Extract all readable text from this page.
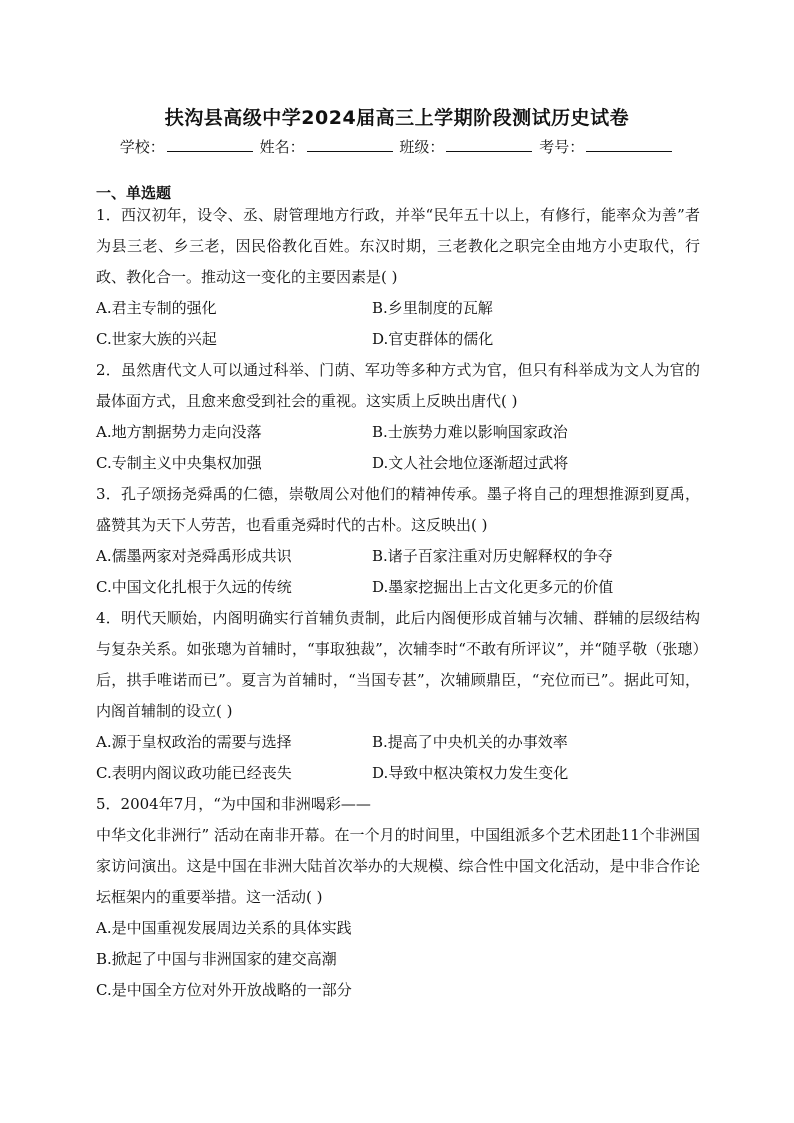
扶沟县高级中学2024届高三上学期阶段测试历史试卷
学校：	姓名：	班级：	考号：
一、单选题

1．西汉初年，设令、丞、尉管理地方行政，并举“民年五十以上，有修行，能率众为善”者为县三老、乡三老，因民俗教化百姓。东汉时期，三老教化之职完全由地方小吏取代，行政、教化合一。推动这一变化的主要因素是( )

A.君主专制的强化	B.乡里制度的瓦解
C.世家大族的兴起	D.官吏群体的儒化

2．虽然唐代文人可以通过科举、门荫、军功等多种方式为官，但只有科举成为文人为官的最体面方式，且愈来愈受到社会的重视。这实质上反映出唐代( )

A.地方割据势力走向没落	B.士族势力难以影响国家政治
C.专制主义中央集权加强	D.文人社会地位逐渐超过武将

3．孔子颂扬尧舜禹的仁德，崇敬周公对他们的精神传承。墨子将自己的理想推源到夏禹，盛赞其为天下人劳苦，也看重尧舜时代的古朴。这反映出( )

A.儒墨两家对尧舜禹形成共识	B.诸子百家注重对历史解释权的争夺
C.中国文化扎根于久远的传统	D.墨家挖掘出上古文化更多元的价值

4．明代天顺始，内阁明确实行首辅负责制，此后内阁便形成首辅与次辅、群辅的层级结构与复杂关系。如张璁为首辅时，“事取独裁”，次辅李时“不敢有所评议”，并“随孚敬（张璁）后，拱手唯诺而已”。夏言为首辅时，“当国专甚”，次辅顾鼎臣，“充位而已”。据此可知，内阁首辅制的设立( )

A.源于皇权政治的需要与选择	B.提高了中央机关的办事效率
C.表明内阁议政功能已经丧失	D.导致中枢决策权力发生变化

5．2004年7月，“为中国和非洲喝彩——

中华文化非洲行” 活动在南非开幕。在一个月的时间里，中国组派多个艺术团赴11个非洲国家访问演出。这是中国在非洲大陆首次举办的大规模、综合性中国文化活动，是中非合作论坛框架内的重要举措。这一活动( )

A.是中国重视发展周边关系的具体实践
B.掀起了中国与非洲国家的建交高潮
C.是中国全方位对外开放战略的一部分
